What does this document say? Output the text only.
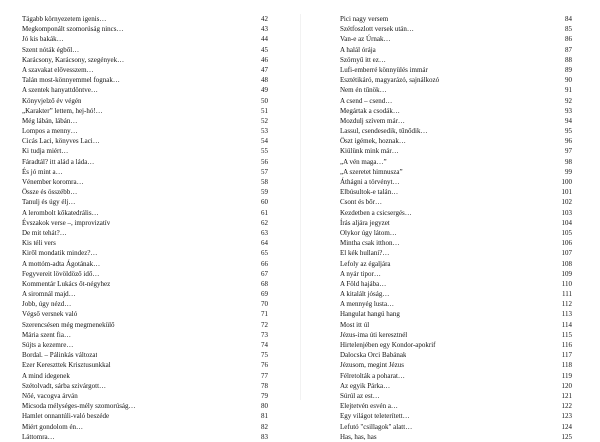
Tágabb környezetem igenis…	42
Megkomponált szomorúság nincs…	43
Jó kis bakák…	44
Szent nóták égből…	45
Karácsony, Karácsony, szegények…	46
A szavakat elővesszem…	47
Talán most-könnyemmel fognak…	48
A szentek hanyattdöntve…	49
Könyvjelző év végén	50
„Karakter” lettem, hej-hó!…	51
Még lábán, lábán…	52
Lompos a menny…	53
Cicás Laci, könyves Laci…	54
Ki tudja miért…	55
Fáradtál? itt alád a láda…	56
És jó mint a…	57
Vénember koromra…	58
Össze és összébb…	59
Tanulj és úgy élj…	60
A lerombolt kőkatedrális…	61
Évszakok verse –, improvizatív	62
De mit tehát?…	63
Kis téli vers	64
Kiről mondatik mindez?…	65
A mottóm-adta Ágotának…	66
Fegyvereit lövöldöző idő…	67
Kommentár Lukács őt-négyhez	68
A siromnál majd…	69
Jobb, úgy nézd…	70
Végső versnek való	71
Szerencsésen még megmenekülő	72
Mária szent fia…	73
Sújts a kezemre…	74
Bordal. – Pálinkás változat	75
Ezer Kereszttek Krisztusunkkal	76
A mind idegenek	77
Szétolvadt, sárba szivárgott…	78
Nőé, vacogva árván	79
Micsoda mélységes-mély szomorúság…	80
Hamlet onnantúli-való beszéde	81
Miért gondolom én…	82
Láttomra…	83
Pici nagy versem	84
Szétfoszlott versek után…	85
Van-e az Úrnak…	86
A halál órája	87
Szörnyű itt ez…	88
Lufi-emberré könnyülés immár	89
Esztétikáró, magyarázó, sajnálkozó	90
Nem én tűnök…	91
A csend – csend…	92
Megártak a csodák…	93
Mozdulj szívem már…	94
Lassul, csendesedik, tűnődik…	95
Öszt igémek, hoznak…	96
Kiülünk mink már…	97
„A vén maga…”	98
„A szeretet himnusza”	99
Áthágni a törvényt…	100
Elbúsultok-e talán…	101
Csont és bőr…	102
Kezdetben a csicsergés…	103
Írás aljára jegyzet	104
Olykor úgy látom…	105
Mintha csak itthon…	106
El kék hullani?…	107
Lefoly az égaljára	108
A nyár tipor…	109
A Föld hajába…	110
A kitalált jóság…	111
A mennyég lusta…	112
Hangulat hangú hang	113
Most itt úl	114
Jézus-ima úti keresztnél	115
Hirtelenjében egy Kondor-apokrif	116
Dalocska Orci Babának	117
Jézusom, megint Jézus	118
Félretolták a poharat…	119
Az egyik Párka…	120
Súrúl az est…	121
Elejtetvén esvén a…	122
Egy világot teleterített…	123
Lefutó "csillagok" alatt…	124
Has, has, has	125
